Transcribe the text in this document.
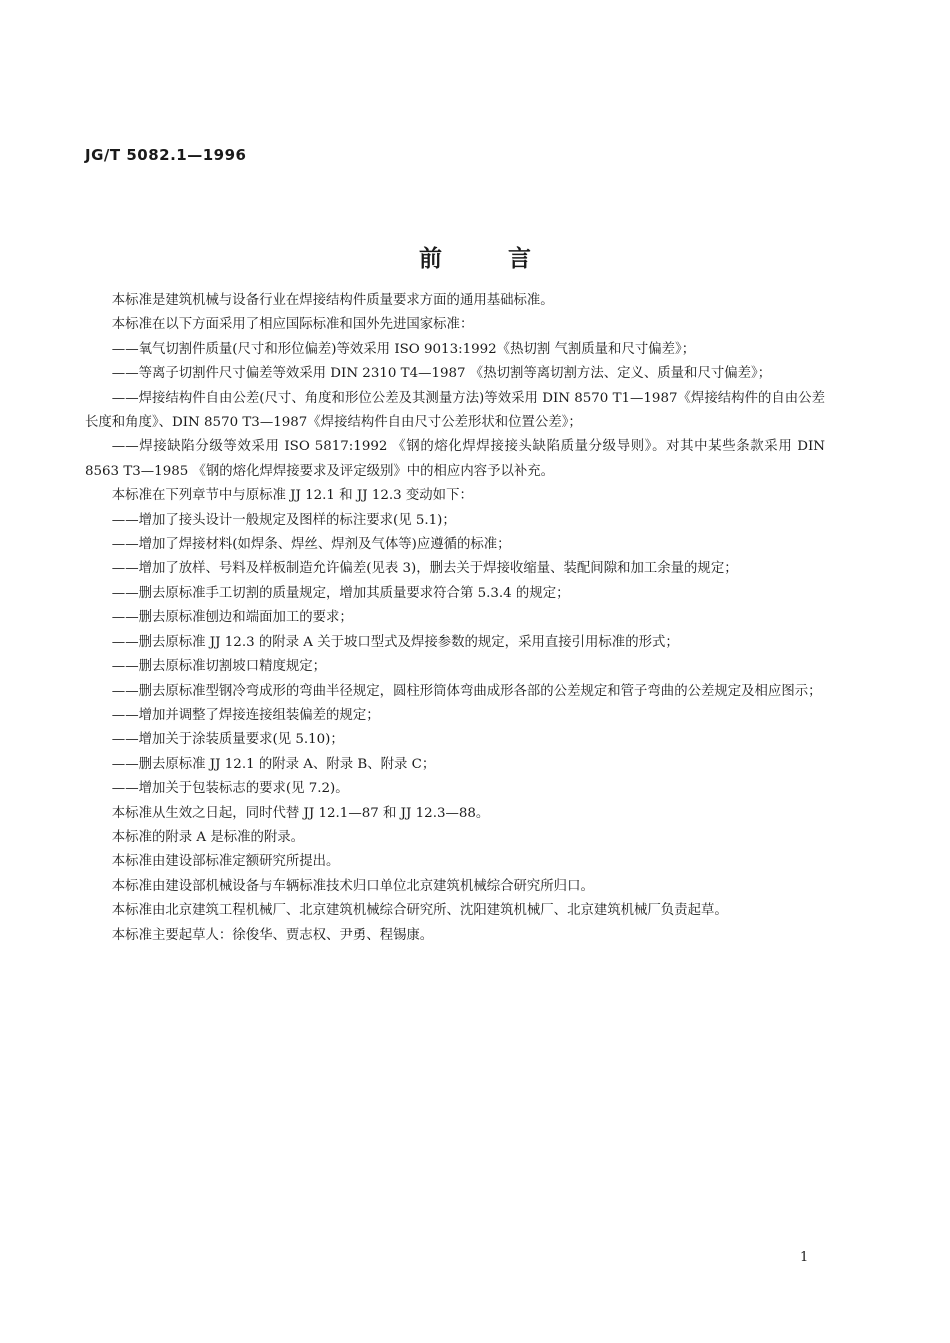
JG/T 5082.1—1996
前言

本标准是建筑机械与设备行业在焊接结构件质量要求方面的通用基础标准。

本标准在以下方面采用了相应国际标准和国外先进国家标准：

——氧气切割件质量(尺寸和形位偏差)等效采用 ISO 9013:1992《热切割 气割质量和尺寸偏差》；

——等离子切割件尺寸偏差等效采用 DIN 2310 T4—1987 《热切割等离切割方法、定义、质量和尺寸偏差》；

——焊接结构件自由公差(尺寸、角度和形位公差及其测量方法)等效采用 DIN 8570 T1—1987《焊接结构件的自由公差长度和角度》、DIN 8570 T3—1987《焊接结构件自由尺寸公差形状和位置公差》；

——焊接缺陷分级等效采用 ISO 5817:1992 《钢的熔化焊焊接接头缺陷质量分级导则》。对其中某些条款采用 DIN 8563 T3—1985 《钢的熔化焊焊接要求及评定级别》中的相应内容予以补充。

本标准在下列章节中与原标准 JJ 12.1 和 JJ 12.3 变动如下：

——增加了接头设计一般规定及图样的标注要求(见 5.1)；

——增加了焊接材料(如焊条、焊丝、焊剂及气体等)应遵循的标准；

——增加了放样、号料及样板制造允许偏差(见表 3)，删去关于焊接收缩量、装配间隙和加工余量的规定；

——删去原标准手工切割的质量规定，增加其质量要求符合第 5.3.4 的规定；

——删去原标准刨边和端面加工的要求；

——删去原标准 JJ 12.3 的附录 A 关于坡口型式及焊接参数的规定，采用直接引用标准的形式；

——删去原标准切割坡口精度规定；

——删去原标准型钢冷弯成形的弯曲半径规定，圆柱形筒体弯曲成形各部的公差规定和管子弯曲的公差规定及相应图示；

——增加并调整了焊接连接组装偏差的规定；

——增加关于涂装质量要求(见 5.10)；

——删去原标准 JJ 12.1 的附录 A、附录 B、附录 C；

——增加关于包装标志的要求(见 7.2)。

本标准从生效之日起，同时代替 JJ 12.1—87 和 JJ 12.3—88。

本标准的附录 A 是标准的附录。

本标准由建设部标准定额研究所提出。

本标准由建设部机械设备与车辆标准技术归口单位北京建筑机械综合研究所归口。

本标准由北京建筑工程机械厂、北京建筑机械综合研究所、沈阳建筑机械厂、北京建筑机械厂负责起草。

本标准主要起草人：徐俊华、贾志权、尹勇、程锡康。

1
